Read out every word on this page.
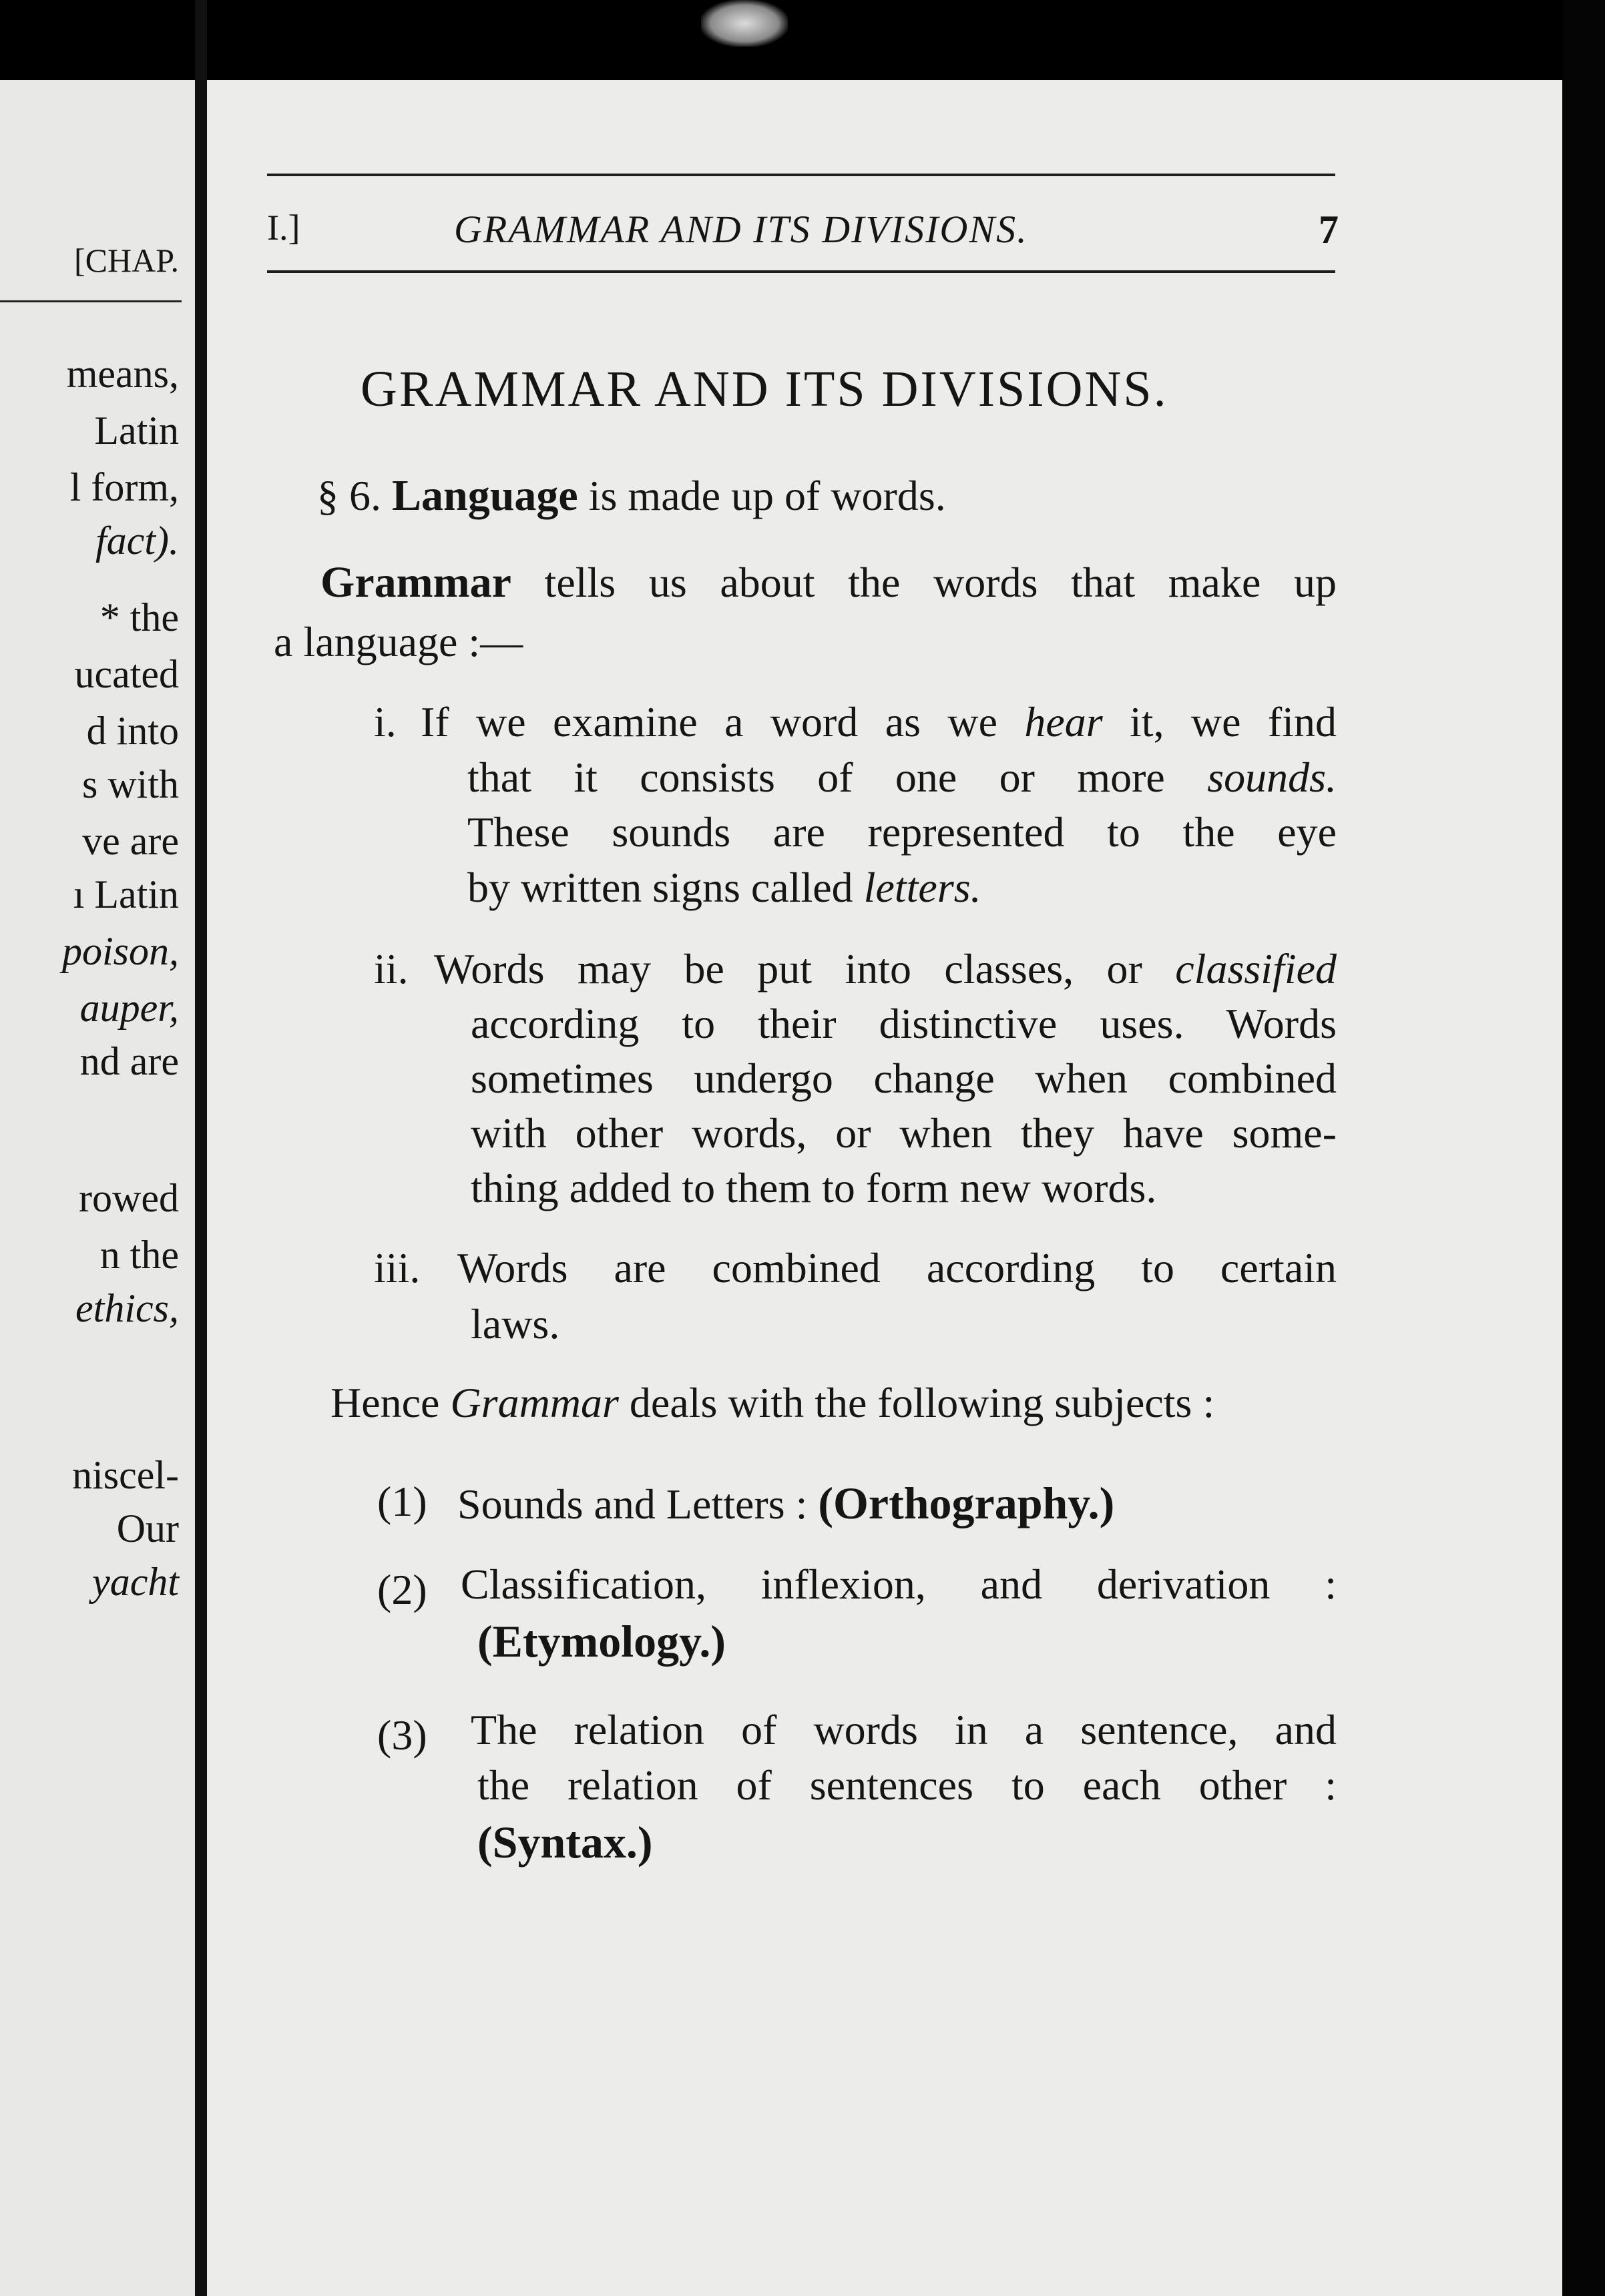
[CHAP.
means,
Latin
l form,
fact).
* the
ucated
d into
s with
ve are
ı Latin
poison,
auper,
nd are
rowed
n the
ethics,
niscel-
Our
yacht
I.]	GRAMMAR AND ITS DIVISIONS.	7
GRAMMAR AND ITS DIVISIONS.
§ 6. Language is made up of words.
Grammar tells us about the words that make up
a language :—
i. If we examine a word as we hear it, we find
that it consists of one or more sounds.
These sounds are represented to the eye
by written signs called letters.
ii. Words may be put into classes, or classified
according to their distinctive uses. Words
sometimes undergo change when combined
with other words, or when they have some-
thing added to them to form new words.
iii. Words are combined according to certain
laws.
Hence Grammar deals with the following subjects :
(1) Sounds and Letters : (Orthography.)
(2) Classification, inflexion, and derivation :
(Etymology.)
(3) The relation of words in a sentence, and
the relation of sentences to each other :
(Syntax.)
